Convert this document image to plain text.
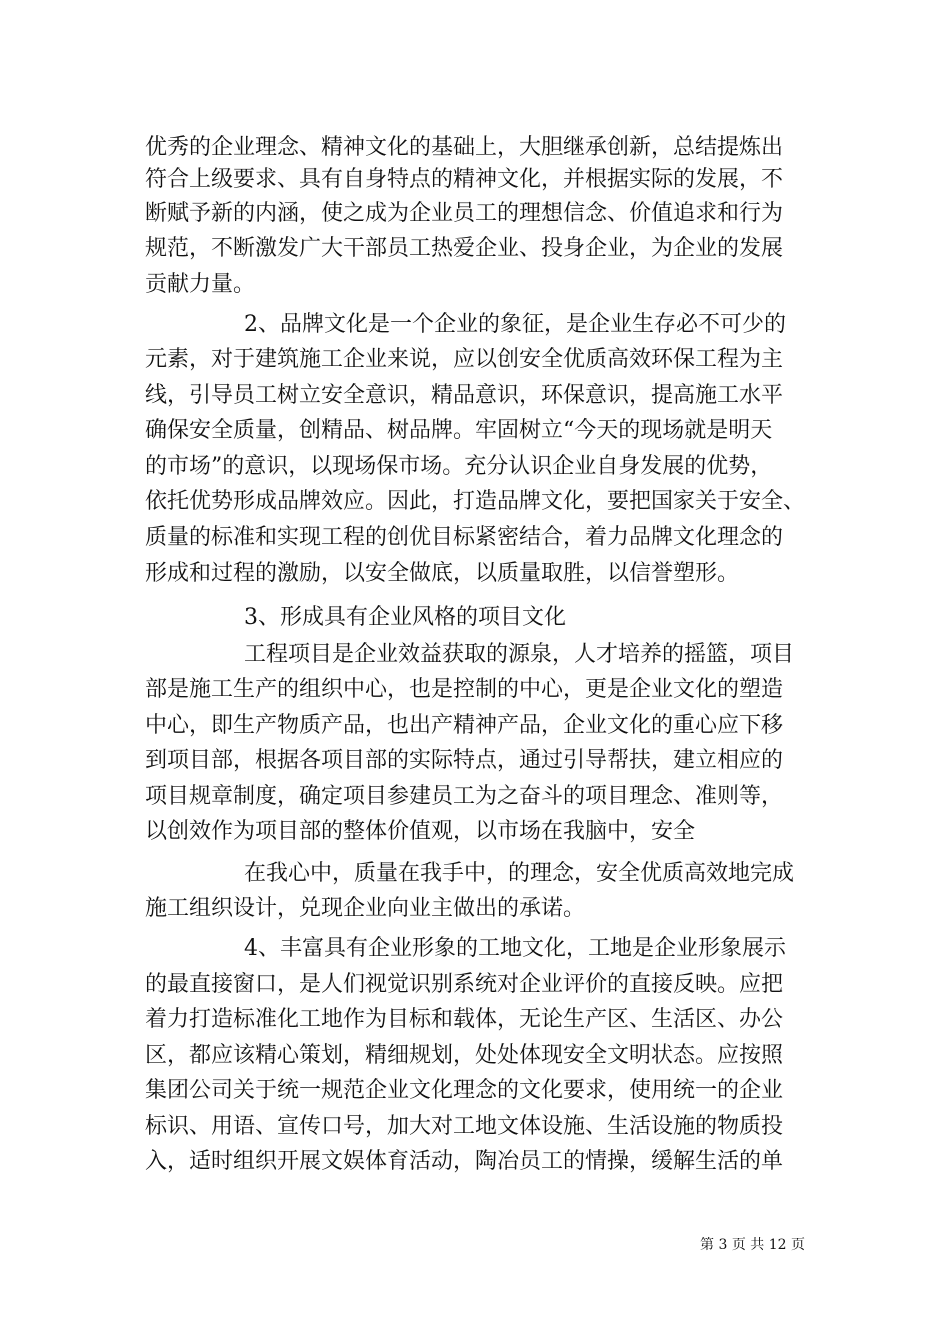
优秀的企业理念、精神文化的基础上，大胆继承创新，总结提炼出
符合上级要求、具有自身特点的精神文化，并根据实际的发展，不
断赋予新的内涵，使之成为企业员工的理想信念、价值追求和行为
规范，不断激发广大干部员工热爱企业、投身企业，为企业的发展
贡献力量。
2、品牌文化是一个企业的象征，是企业生存必不可少的
元素，对于建筑施工企业来说，应以创安全优质高效环保工程为主
线，引导员工树立安全意识，精品意识，环保意识，提高施工水平
确保安全质量，创精品、树品牌。牢固树立“今天的现场就是明天
的市场”的意识，以现场保市场。充分认识企业自身发展的优势，
依托优势形成品牌效应。因此，打造品牌文化，要把国家关于安全、
质量的标准和实现工程的创优目标紧密结合，着力品牌文化理念的
形成和过程的激励，以安全做底，以质量取胜，以信誉塑形。
3、形成具有企业风格的项目文化
工程项目是企业效益获取的源泉，人才培养的摇篮，项目
部是施工生产的组织中心，也是控制的中心，更是企业文化的塑造
中心，即生产物质产品，也出产精神产品，企业文化的重心应下移
到项目部，根据各项目部的实际特点，通过引导帮扶，建立相应的
项目规章制度，确定项目参建员工为之奋斗的项目理念、准则等，
以创效作为项目部的整体价值观，以市场在我脑中，安全
在我心中，质量在我手中，的理念，安全优质高效地完成
施工组织设计，兑现企业向业主做出的承诺。
4、丰富具有企业形象的工地文化，工地是企业形象展示
的最直接窗口，是人们视觉识别系统对企业评价的直接反映。应把
着力打造标准化工地作为目标和载体，无论生产区、生活区、办公
区，都应该精心策划，精细规划，处处体现安全文明状态。应按照
集团公司关于统一规范企业文化理念的文化要求，使用统一的企业
标识、用语、宣传口号，加大对工地文体设施、生活设施的物质投
入，适时组织开展文娱体育活动，陶冶员工的情操，缓解生活的单
第 3 页 共 12 页
